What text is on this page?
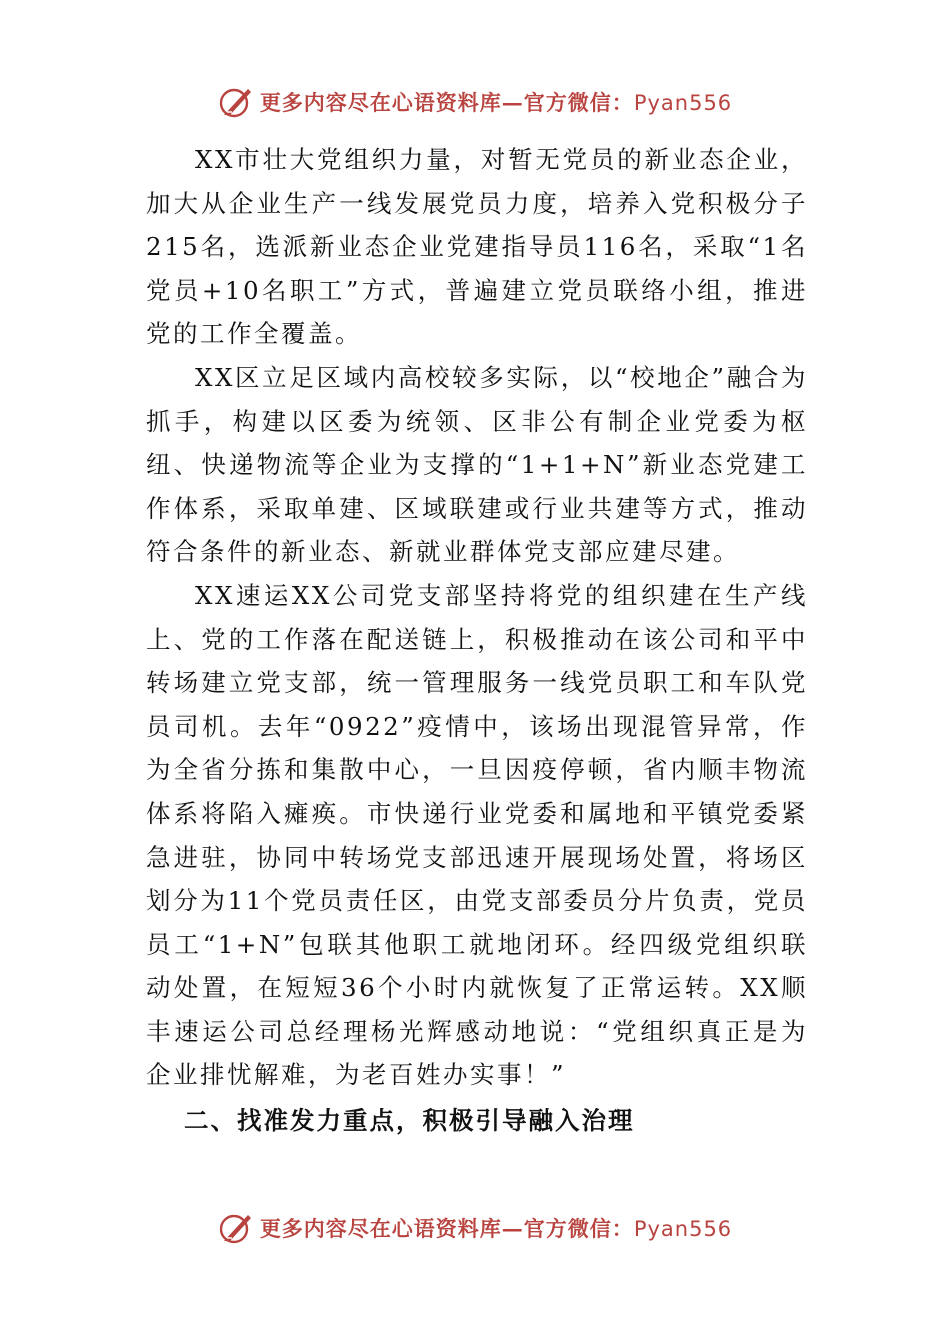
更多内容尽在心语资料库—官方微信：Pyan556

XX市壮大党组织力量，对暂无党员的新业态企业，加大从企业生产一线发展党员力度，培养入党积极分子215名，选派新业态企业党建指导员116名，采取“1名党员+10名职工”方式，普遍建立党员联络小组，推进党的工作全覆盖。

XX区立足区域内高校较多实际，以“校地企”融合为抓手，构建以区委为统领、区非公有制企业党委为枢纽、快递物流等企业为支撑的“1+1+N”新业态党建工作体系，采取单建、区域联建或行业共建等方式，推动符合条件的新业态、新就业群体党支部应建尽建。

XX速运XX公司党支部坚持将党的组织建在生产线上、党的工作落在配送链上，积极推动在该公司和平中转场建立党支部，统一管理服务一线党员职工和车队党员司机。去年“0922”疫情中，该场出现混管异常，作为全省分拣和集散中心，一旦因疫停顿，省内顺丰物流体系将陷入瘫痪。市快递行业党委和属地和平镇党委紧急进驻，协同中转场党支部迅速开展现场处置，将场区划分为11个党员责任区，由党支部委员分片负责，党员员工“1+N”包联其他职工就地闭环。经四级党组织联动处置，在短短36个小时内就恢复了正常运转。XX顺丰速运公司总经理杨光辉感动地说：“党组织真正是为企业排忧解难，为老百姓办实事！”

二、找准发力重点，积极引导融入治理
更多内容尽在心语资料库—官方微信：Pyan556
